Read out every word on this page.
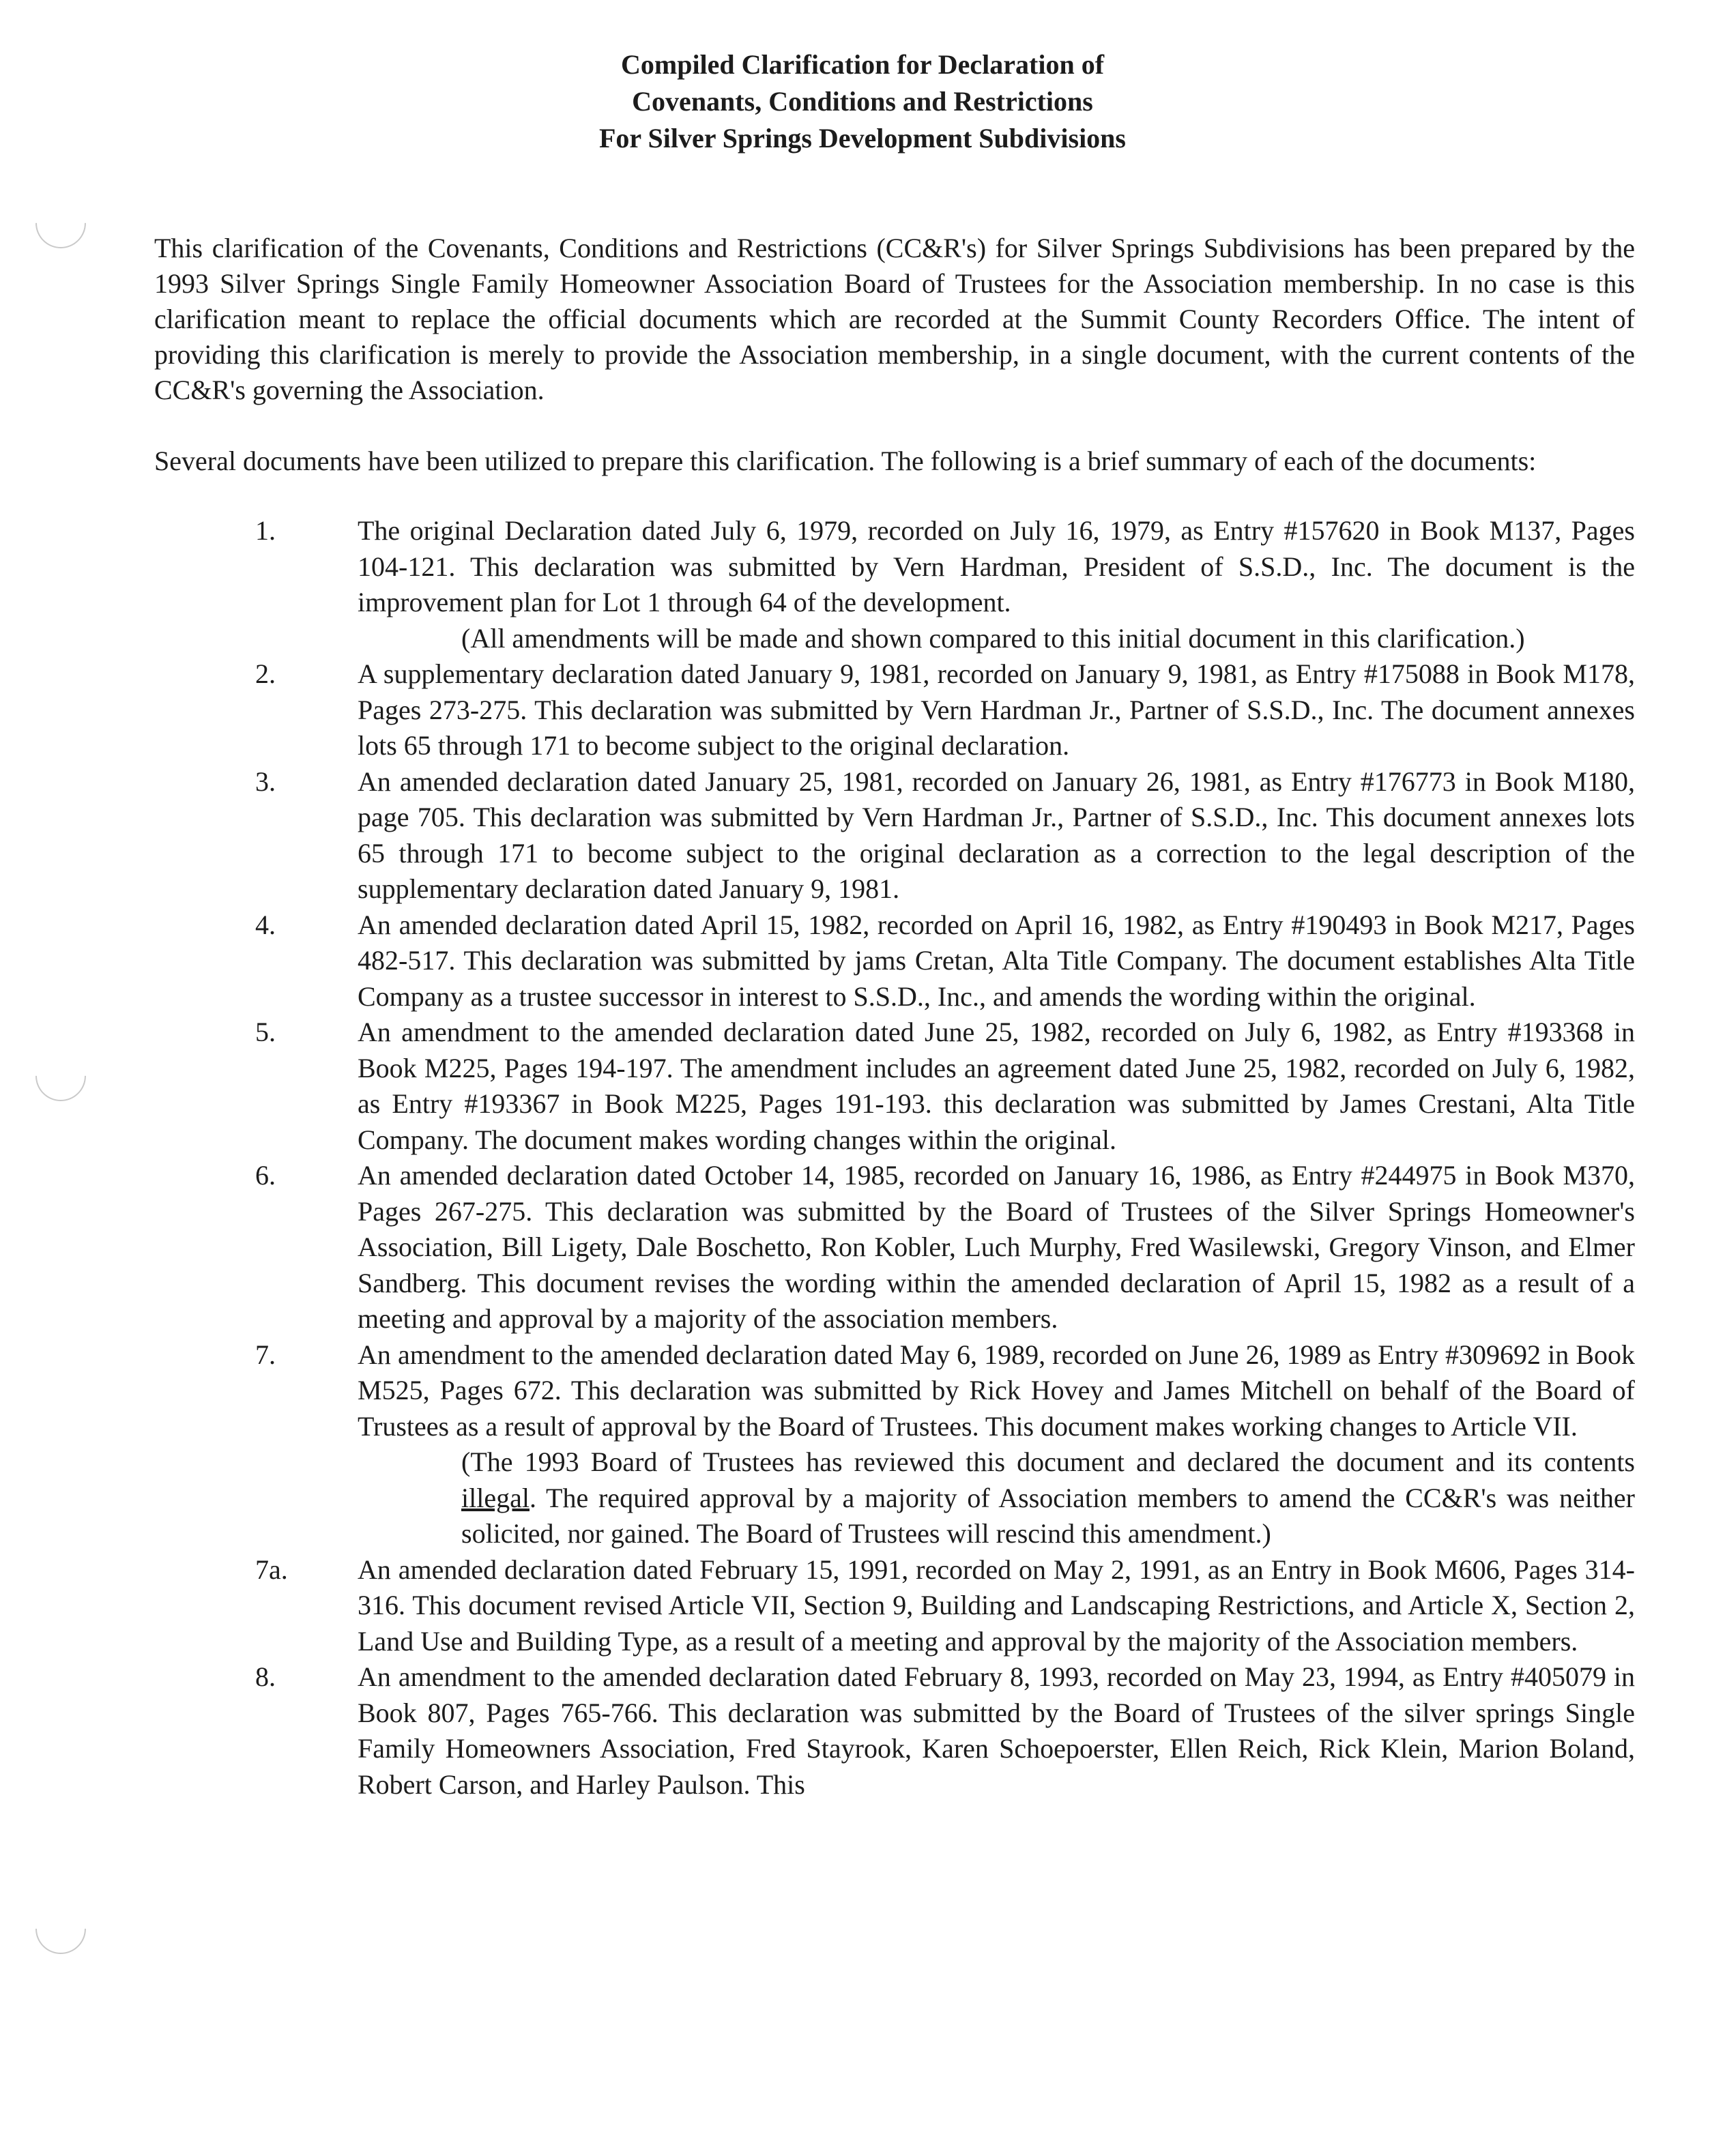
Compiled Clarification for Declaration of
Covenants, Conditions and Restrictions
For Silver Springs Development Subdivisions
This clarification of the Covenants, Conditions and Restrictions (CC&R's) for Silver Springs Subdivisions has been prepared by the 1993 Silver Springs Single Family Homeowner Association Board of Trustees for the Association membership. In no case is this clarification meant to replace the official documents which are recorded at the Summit County Recorders Office. The intent of providing this clarification is merely to provide the Association membership, in a single document, with the current contents of the CC&R's governing the Association.
Several documents have been utilized to prepare this clarification. The following is a brief summary of each of the documents:
1.	The original Declaration dated July 6, 1979, recorded on July 16, 1979, as Entry #157620 in Book M137, Pages 104-121. This declaration was submitted by Vern Hardman, President of S.S.D., Inc. The document is the improvement plan for Lot 1 through 64 of the development.
(All amendments will be made and shown compared to this initial document in this clarification.)
2.	A supplementary declaration dated January 9, 1981, recorded on January 9, 1981, as Entry #175088 in Book M178, Pages 273-275. This declaration was submitted by Vern Hardman Jr., Partner of S.S.D., Inc. The document annexes lots 65 through 171 to become subject to the original declaration.
3.	An amended declaration dated January 25, 1981, recorded on January 26, 1981, as Entry #176773 in Book M180, page 705. This declaration was submitted by Vern Hardman Jr., Partner of S.S.D., Inc. This document annexes lots 65 through 171 to become subject to the original declaration as a correction to the legal description of the supplementary declaration dated January 9, 1981.
4.	An amended declaration dated April 15, 1982, recorded on April 16, 1982, as Entry #190493 in Book M217, Pages 482-517. This declaration was submitted by jams Cretan, Alta Title Company. The document establishes Alta Title Company as a trustee successor in interest to S.S.D., Inc., and amends the wording within the original.
5.	An amendment to the amended declaration dated June 25, 1982, recorded on July 6, 1982, as Entry #193368 in Book M225, Pages 194-197. The amendment includes an agreement dated June 25, 1982, recorded on July 6, 1982, as Entry #193367 in Book M225, Pages 191-193. this declaration was submitted by James Crestani, Alta Title Company. The document makes wording changes within the original.
6.	An amended declaration dated October 14, 1985, recorded on January 16, 1986, as Entry #244975 in Book M370, Pages 267-275. This declaration was submitted by the Board of Trustees of the Silver Springs Homeowner's Association, Bill Ligety, Dale Boschetto, Ron Kobler, Luch Murphy, Fred Wasilewski, Gregory Vinson, and Elmer Sandberg. This document revises the wording within the amended declaration of April 15, 1982 as a result of a meeting and approval by a majority of the association members.
7.	An amendment to the amended declaration dated May 6, 1989, recorded on June 26, 1989 as Entry #309692 in Book M525, Pages 672. This declaration was submitted by Rick Hovey and James Mitchell on behalf of the Board of Trustees as a result of approval by the Board of Trustees. This document makes working changes to Article VII.
(The 1993 Board of Trustees has reviewed this document and declared the document and its contents illegal. The required approval by a majority of Association members to amend the CC&R's was neither solicited, nor gained. The Board of Trustees will rescind this amendment.)
7a.	An amended declaration dated February 15, 1991, recorded on May 2, 1991, as an Entry in Book M606, Pages 314-316. This document revised Article VII, Section 9, Building and Landscaping Restrictions, and Article X, Section 2, Land Use and Building Type, as a result of a meeting and approval by the majority of the Association members.
8.	An amendment to the amended declaration dated February 8, 1993, recorded on May 23, 1994, as Entry #405079 in Book 807, Pages 765-766. This declaration was submitted by the Board of Trustees of the silver springs Single Family Homeowners Association, Fred Stayrook, Karen Schoepoerster, Ellen Reich, Rick Klein, Marion Boland, Robert Carson, and Harley Paulson. This
